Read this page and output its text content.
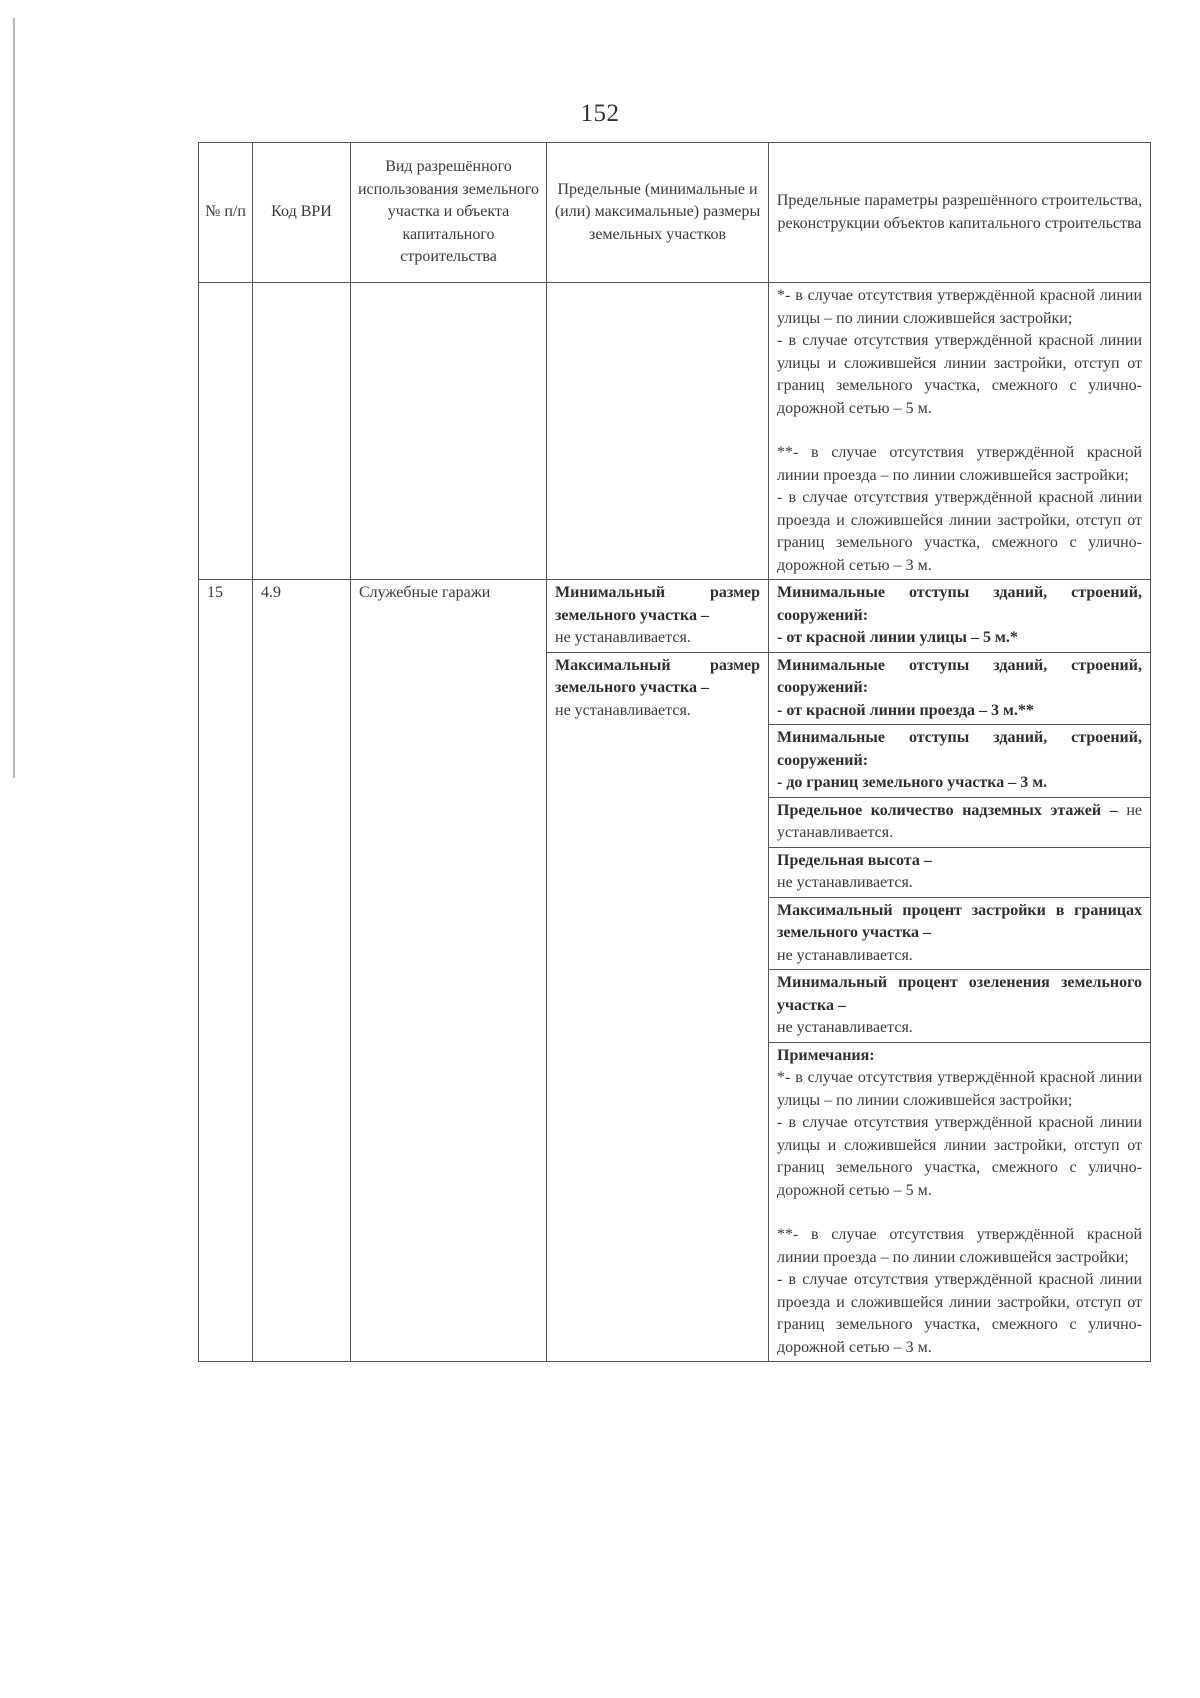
152
№ п/п	Код ВРИ	Вид разрешённого использования земельного участка и объекта капитального строительства	Предельные (минимальные и (или) максимальные) размеры земельных участков	Предельные параметры разрешённого строительства, реконструкции объектов капитального строительства

				*- в случае отсутствия утверждённой красной линии улицы – по линии сложившейся застройки;
- в случае отсутствия утверждённой красной линии улицы и сложившейся линии застройки, отступ от границ земельного участка, смежного с улично-дорожной сетью – 5 м.
**- в случае отсутствия утверждённой красной линии проезда – по линии сложившейся застройки;
- в случае отсутствия утверждённой красной линии проезда и сложившейся линии застройки, отступ от границ земельного участка, смежного с улично-дорожной сетью – 3 м.

15	4.9	Служебные гаражи	Минимальный размер земельного участка –
не устанавливается.	Минимальные отступы зданий, строений, сооружений:
- от красной линии улицы – 5 м.*
			Максимальный размер земельного участка –
не устанавливается.	Минимальные отступы зданий, строений, сооружений:
- от красной линии проезда – 3 м.**
				Минимальные отступы зданий, строений, сооружений:
- до границ земельного участка – 3 м.
				Предельное количество надземных этажей – не устанавливается.
				Предельная высота –
не устанавливается.
				Максимальный процент застройки в границах земельного участка –
не устанавливается.
				Минимальный процент озеленения земельного участка –
не устанавливается.

				Примечания:
*- в случае отсутствия утверждённой красной линии улицы – по линии сложившейся застройки;
- в случае отсутствия утверждённой красной линии улицы и сложившейся линии застройки, отступ от границ земельного участка, смежного с улично-дорожной сетью – 5 м.
**- в случае отсутствия утверждённой красной линии проезда – по линии сложившейся застройки;
- в случае отсутствия утверждённой красной линии проезда и сложившейся линии застройки, отступ от границ земельного участка, смежного с улично-дорожной сетью – 3 м.
